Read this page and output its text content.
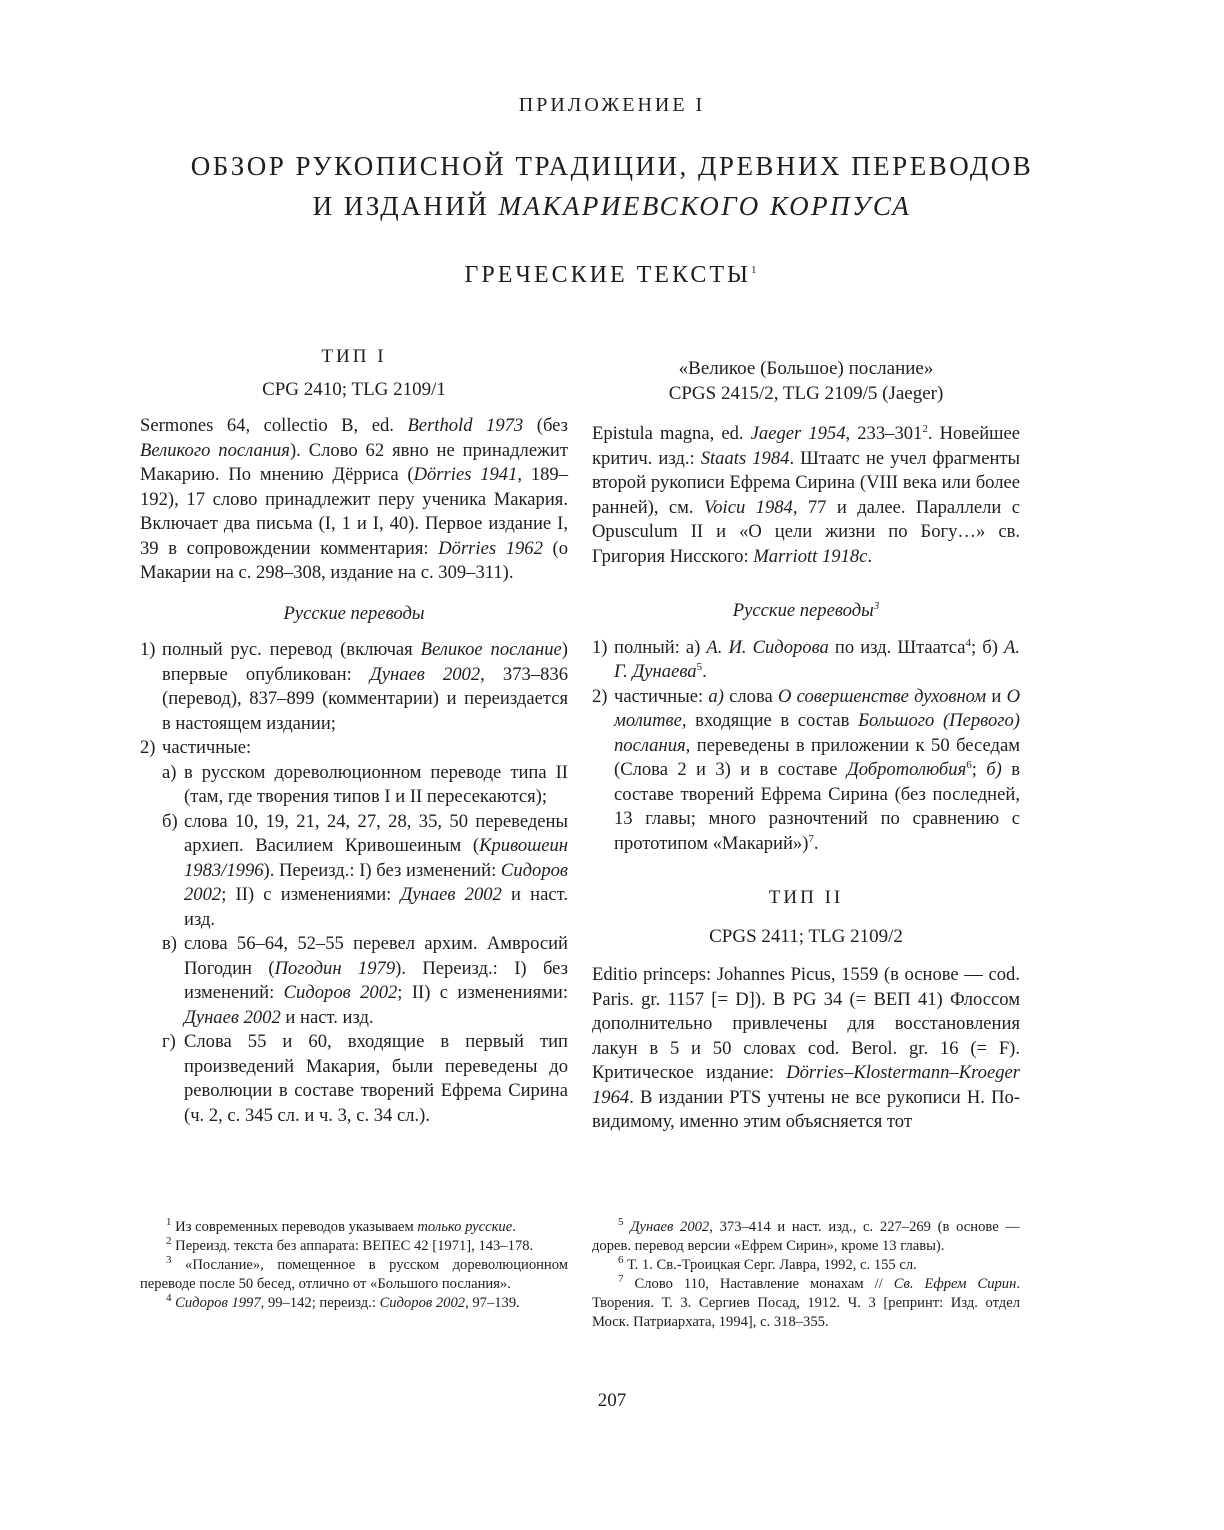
ПРИЛОЖЕНИЕ I
ОБЗОР РУКОПИСНОЙ ТРАДИЦИИ, ДРЕВНИХ ПЕРЕВОДОВ
И ИЗДАНИЙ МАКАРИЕВСКОГО КОРПУСА
ГРЕЧЕСКИЕ ТЕКСТЫ$^1$
ТИП I
CPG 2410; TLG 2109/1

Sermones 64, collectio B, ed. Berthold 1973 (без Великого послания). Слово 62 явно не принадлежит Макарию. По мнению Дёрриса (Dörries 1941, 189–192), 17 слово принадлежит перу ученика Макария. Включает два письма (I, 1 и I, 40). Первое издание I, 39 в сопровождении комментария: Dörries 1962 (о Макарии на с. 298–308, издание на с. 309–311).

Русские переводы
1) полный рус. перевод (включая Великое послание) впервые опубликован: Дунаев 2002, 373–836 (перевод), 837–899 (комментарии) и переиздается в настоящем издании;
2) частичные:
а) в русском дореволюционном переводе типа II (там, где творения типов I и II пересекаются);
б) слова 10, 19, 21, 24, 27, 28, 35, 50 переведены архиеп. Василием Кривошеиным (Кривошеин 1983/1996). Переизд.: I) без изменений: Сидоров 2002; II) с изменениями: Дунаев 2002 и наст. изд.
в) слова 56–64, 52–55 перевел архим. Амвросий Погодин (Погодин 1979). Переизд.: I) без изменений: Сидоров 2002; II) с изменениями: Дунаев 2002 и наст. изд.
г) Слова 55 и 60, входящие в первый тип произведений Макария, были переведены до революции в составе творений Ефрема Сирина (ч. 2, с. 345 сл. и ч. 3, с. 34 сл.).
«Великое (Большое) послание»
CPGS 2415/2, TLG 2109/5 (Jaeger)

Epistula magna, ed. Jaeger 1954, $233-301^2$. Новейшее критич. изд.: Staats 1984. Штаатс не учел фрагменты второй рукописи Ефрема Сирина (VIII века или более ранней), см. Voicu 1984, 77 и далее. Параллели с Opusculum II и «О цели жизни по Богу…» св. Григория Нисского: Marriott 1918c.

Русские переводы$^3$
1) полный: а) А. И. Сидорова по изд. Штаатса$^4$; б) А. Г. Дунаева$^5$.
2) частичные: а) слова О совершенстве духовном и О молитве, входящие в состав Большого (Первого) послания, переведены в приложении к 50 беседам (Слова 2 и 3) и в составе Добротолюбия$^6$; б) в составе творений Ефрема Сирина (без последней, 13 главы; много разночтений по сравнению с прототипом «Макарий»)$^7$.
ТИП II
CPGS 2411; TLG 2109/2

Editio princeps: Johannes Picus, 1559 (в основе — cod. Paris. gr. 1157 [= D]). В PG 34 (= ВЕП 41) Флоссом дополнительно привлечены для восстановления лакун в 5 и 50 словах cod. Berol. gr. 16 (= F). Критическое издание: Dörries–Klostermann–Kroeger 1964. В издании PTS учтены не все рукописи H. По-видимому, именно этим объясняется тот

$^1$ Из современных переводов указываем только русские.
$^2$ Переизд. текста без аппарата: ВЕПЕС 42 [1971], 143–178.
$^3$ «Послание», помещенное в русском дореволюционном переводе после 50 бесед, отлично от «Большого послания».
$^4$ Сидоров 1997, 99–142; переизд.: Сидоров 2002, 97–139.
$^5$ Дунаев 2002, 373–414 и наст. изд., с. 227–269 (в основе — дорев. перевод версии «Ефрем Сирин», кроме 13 главы).
$^6$ Т. 1. Св.-Троицкая Серг. Лавра, 1992, с. 155 сл.
$^7$ Слово 110, Наставление монахам // Св. Ефрем Сирин. Творения. Т. 3. Сергиев Посад, 1912. Ч. 3 [репринт: Изд. отдел Моск. Патриархата, 1994], с. 318–355.
207
